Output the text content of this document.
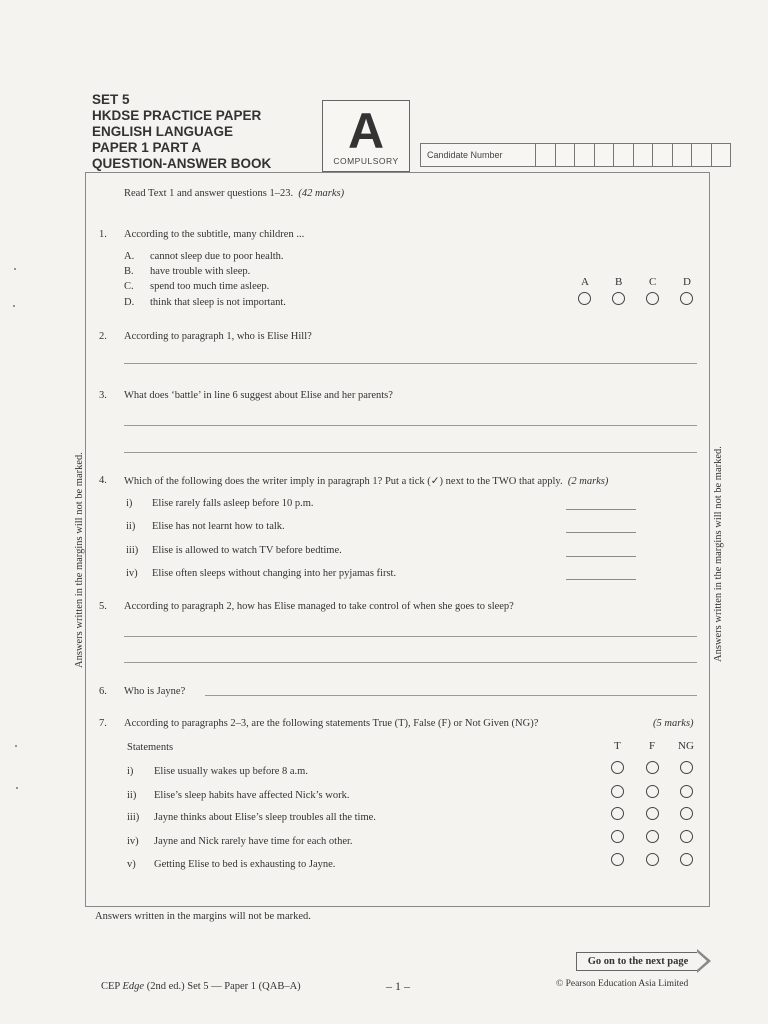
SET 5
HKDSE PRACTICE PAPER
ENGLISH LANGUAGE
PAPER 1 PART A
QUESTION-ANSWER BOOK
A
COMPULSORY
Candidate Number
Read Text 1 and answer questions 1–23. (42 marks)
1. According to the subtitle, many children ...
A. cannot sleep due to poor health.
B. have trouble with sleep.
C. spend too much time asleep.
D. think that sleep is not important.
A B C D
2. According to paragraph 1, who is Elise Hill?
3. What does ‘battle’ in line 6 suggest about Elise and her parents?
4. Which of the following does the writer imply in paragraph 1? Put a tick (✓) next to the TWO that apply. (2 marks)
i) Elise rarely falls asleep before 10 p.m.
ii) Elise has not learnt how to talk.
iii) Elise is allowed to watch TV before bedtime.
iv) Elise often sleeps without changing into her pyjamas first.
5. According to paragraph 2, how has Elise managed to take control of when she goes to sleep?
6. Who is Jayne?
7. According to paragraphs 2–3, are the following statements True (T), False (F) or Not Given (NG)?	(5 marks)
Statements	T	F NG
i) Elise usually wakes up before 8 a.m.
ii) Elise’s sleep habits have affected Nick’s work.
iii) Jayne thinks about Elise’s sleep troubles all the time.
iv) Jayne and Nick rarely have time for each other.
v) Getting Elise to bed is exhausting to Jayne.
Answers written in the margins will not be marked.	Answers written in the margins will not be marked.
Answers written in the margins will not be marked.
Go on to the next page
CEP Edge (2nd ed.) Set 5 — Paper 1 (QAB–A)	– 1 –	© Pearson Education Asia Limited
